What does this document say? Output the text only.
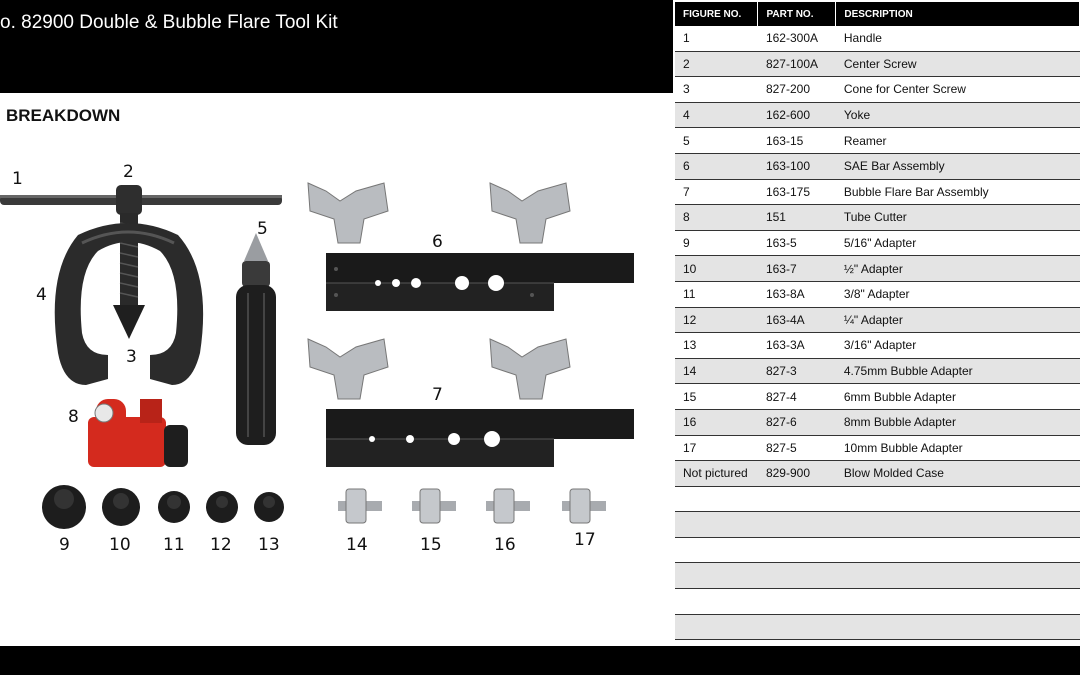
o. 82900 Double & Bubble Flare Tool Kit
BREAKDOWN
1	2
3
4
5
6
7
8
9 10 11 12 13	14	15	16	17
FIGURE NO.	PART NO.	DESCRIPTION
1	162-300A	Handle
2	827-100A	Center Screw
3	827-200	Cone for Center Screw
4	162-600	Yoke
5	163-15	Reamer
6	163-100	SAE Bar Assembly
7	163-175	Bubble Flare Bar Assembly
8	151	Tube Cutter
9	163-5	5/16" Adapter
10	163-7	½" Adapter
11	163-8A	3/8" Adapter
12	163-4A	¼" Adapter
13	163-3A	3/16" Adapter
14	827-3	4.75mm Bubble Adapter
15	827-4	6mm Bubble Adapter
16	827-6	8mm Bubble Adapter
17	827-5	10mm Bubble Adapter
Not pictured	829-900	Blow Molded Case
